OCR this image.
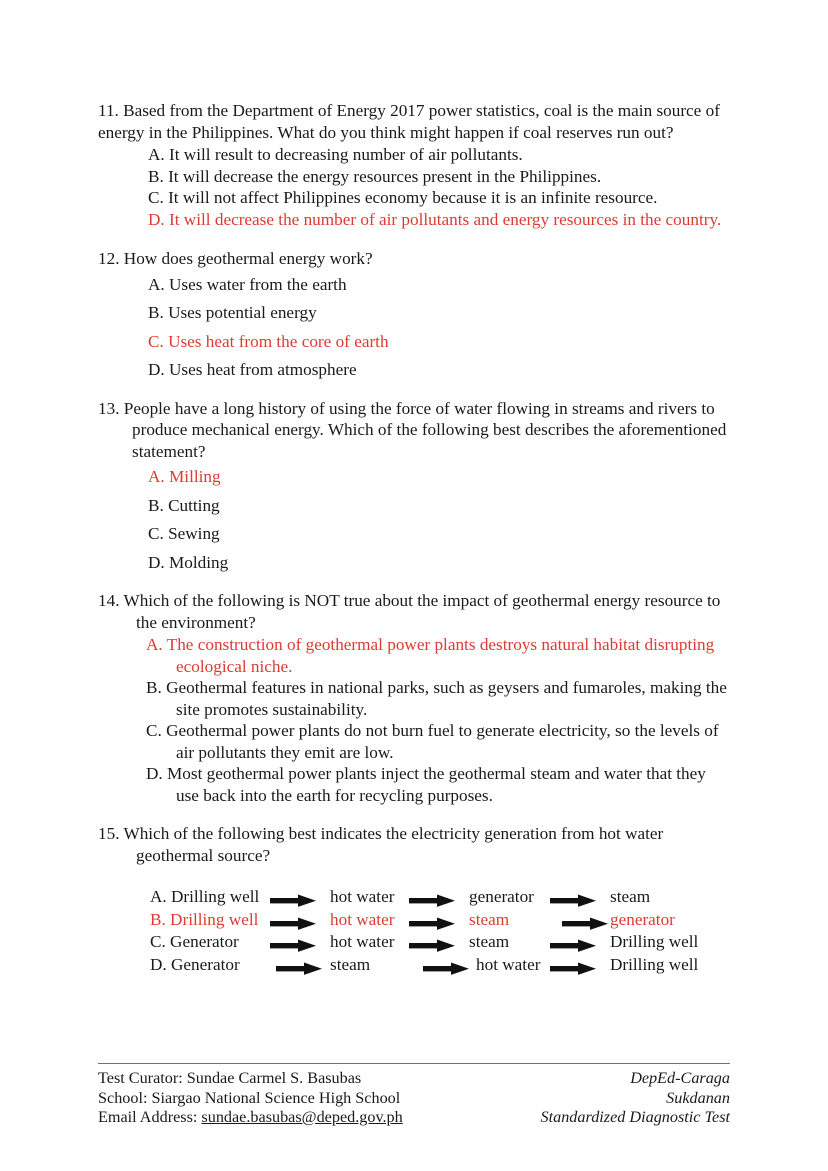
11. Based from the Department of Energy 2017 power statistics, coal is the main source of energy in the Philippines. What do you think might happen if coal reserves run out?
A. It will result to decreasing number of air pollutants.
B. It will decrease the energy resources present in the Philippines.
C. It will not affect Philippines economy because it is an infinite resource.
D. It will decrease the number of air pollutants and energy resources in the country.
12. How does geothermal energy work?
A. Uses water from the earth
B. Uses potential energy
C. Uses heat from the core of earth
D. Uses heat from atmosphere
13. People have a long history of using the force of water flowing in streams and rivers to produce mechanical energy. Which of the following best describes the aforementioned statement?
A. Milling
B. Cutting
C. Sewing
D. Molding
14. Which of the following is NOT true about the impact of geothermal energy resource to the environment?
A. The construction of geothermal power plants destroys natural habitat disrupting ecological niche.
B. Geothermal features in national parks, such as geysers and fumaroles, making the site promotes sustainability.
C. Geothermal power plants do not burn fuel to generate electricity, so the levels of air pollutants they emit are low.
D. Most geothermal power plants inject the geothermal steam and water that they use back into the earth for recycling purposes.
15. Which of the following best indicates the electricity generation from hot water geothermal source?
A. Drilling well	hot water	generator	steam
B. Drilling well	hot water	steam	generator
C. Generator	hot water	steam	Drilling well
D. Generator	steam	hot water	Drilling well
Test Curator: Sundae Carmel S. Basubas
School: Siargao National Science High School
Email Address: sundae.basubas@deped.gov.ph
DepEd-Caraga
Sukdanan
Standardized Diagnostic Test
